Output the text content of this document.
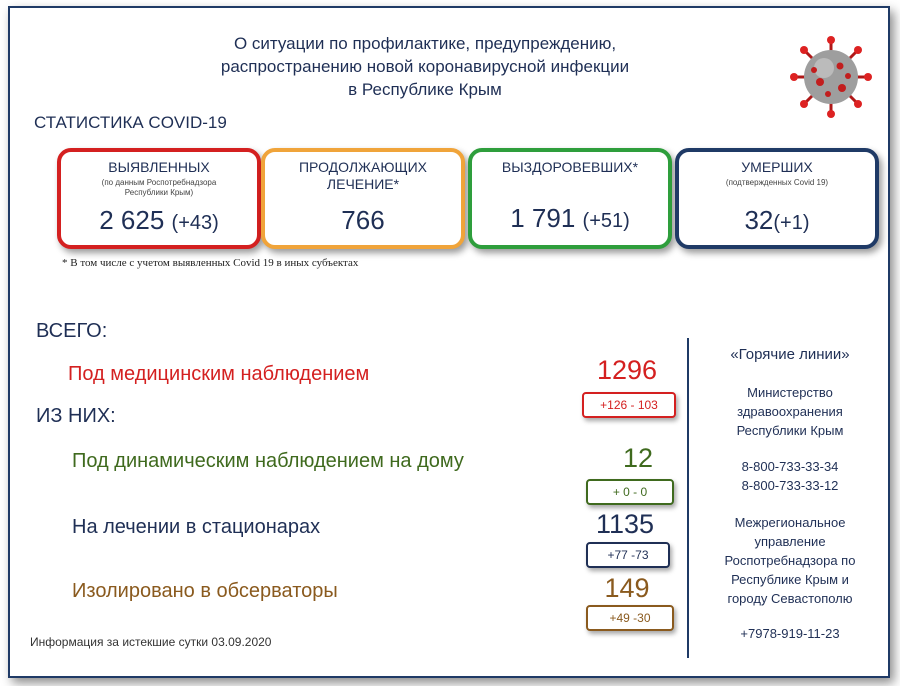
О ситуации по профилактике, предупреждению,
распространению новой коронавирусной инфекции
в Республике Крым
СТАТИСТИКА COVID-19
ВЫЯВЛЕННЫХ
(по данным Роспотребнадзора Республики Крым)
2 625 (+43)
ПРОДОЛЖАЮЩИХ
ЛЕЧЕНИЕ*
766
ВЫЗДОРОВЕВШИХ*
1 791 (+51)
УМЕРШИХ
(подтвержденных Covid 19)
32(+1)
* В том числе с учетом выявленных Covid 19 в иных субъектах
ВСЕГО:
ИЗ НИХ:
Под медицинским наблюдением	1296
+126 - 103
Под динамическим наблюдением на дому	12
+ 0 - 0
На лечении в стационарах	1135
+77 -73
Изолировано в обсерваторы	149
+49 -30
«Горячие линии»
Министерство
здравоохранения
Республики Крым
8-800-733-33-34
8-800-733-33-12
Межрегиональное
управление
Роспотребнадзора по
Республике Крым и
городу Севастополю
+7978-919-11-23
Информация за истекшие сутки 03.09.2020
